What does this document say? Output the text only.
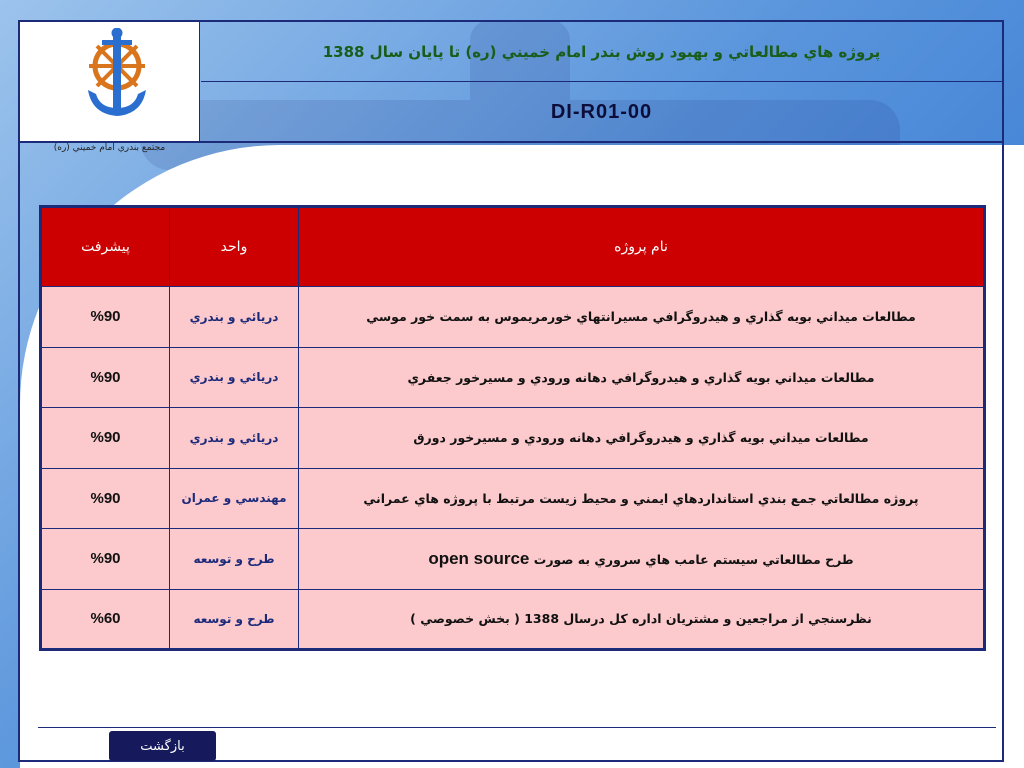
مجتمع بندري امام خميني (ره)
پروژه هاي مطالعاتي و بهبود روش بندر امام خميني (ره) تا پايان سال 1388
DI-R01-00
پيشرفت	واحد	نام پروژه
%90	دريائي و بندري	مطالعات ميداني بويه گذاري و هيدروگرافي مسيرانتهاي خورمريموس به سمت خور موسي
%90	دريائي و بندري	مطالعات ميداني بويه گذاري و هيدروگرافي دهانه ورودي و مسيرخور جعفري
%90	دريائي و بندري	مطالعات ميداني بويه گذاري و هيدروگرافي دهانه ورودي و مسيرخور دورق
%90	مهندسي و عمران	پروژه مطالعاتي جمع بندي استانداردهاي ايمني و محيط زيست مرتبط با پروژه هاي عمراني
%90	طرح و توسعه	طرح مطالعاتي سيستم عامب هاي سروري به صورت open source
%60	طرح و توسعه	نظرسنجي از مراجعين و مشتريان اداره كل درسال 1388 ( بخش خصوصي )
بازگشت
